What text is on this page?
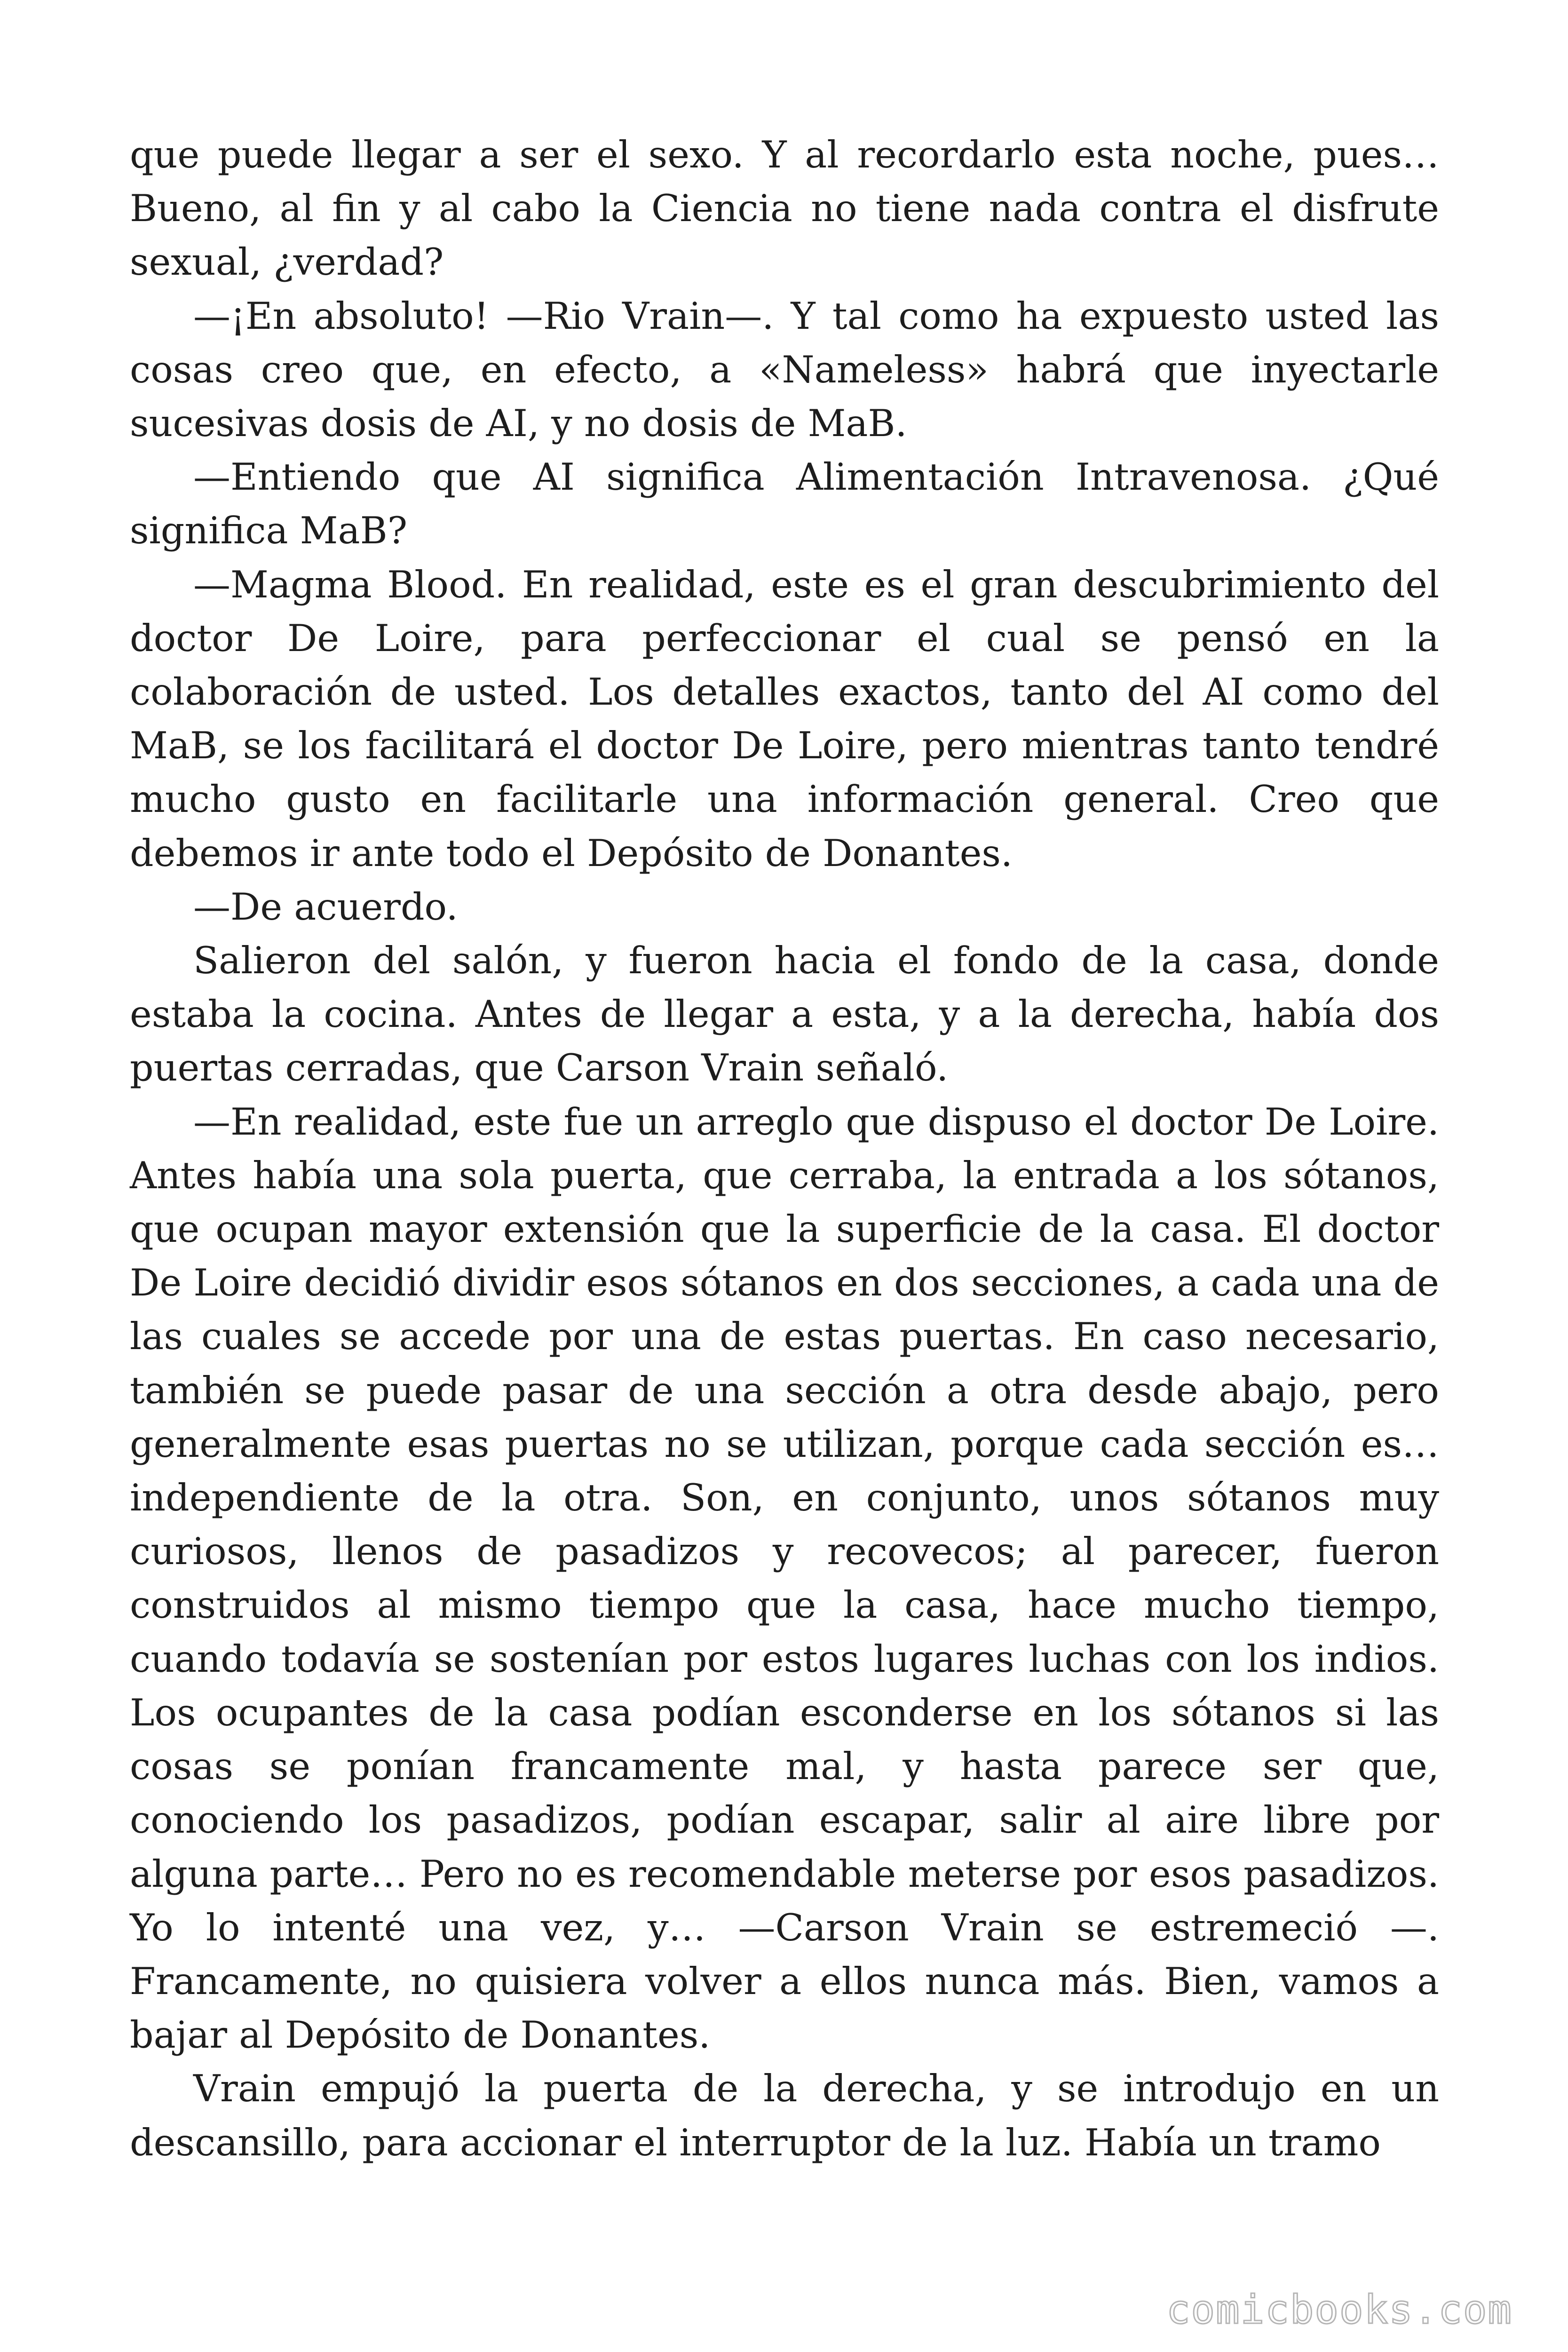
que puede llegar a ser el sexo. Y al recordarlo esta noche, pues… Bueno, al fin y al cabo la Ciencia no tiene nada contra el disfrute sexual, ¿verdad?

—¡En absoluto! —Rio Vrain—. Y tal como ha expuesto usted las cosas creo que, en efecto, a «Nameless» habrá que inyectarle sucesivas dosis de AI, y no dosis de MaB.

—Entiendo que AI significa Alimentación Intravenosa. ¿Qué significa MaB?

—Magma Blood. En realidad, este es el gran descubrimiento del doctor De Loire, para perfeccionar el cual se pensó en la colaboración de usted. Los detalles exactos, tanto del AI como del MaB, se los facilitará el doctor De Loire, pero mientras tanto tendré mucho gusto en facilitarle una información general. Creo que debemos ir ante todo el Depósito de Donantes.

—De acuerdo.

Salieron del salón, y fueron hacia el fondo de la casa, donde estaba la cocina. Antes de llegar a esta, y a la derecha, había dos puertas cerradas, que Carson Vrain señaló.

—En realidad, este fue un arreglo que dispuso el doctor De Loire. Antes había una sola puerta, que cerraba, la entrada a los sótanos, que ocupan mayor extensión que la superficie de la casa. El doctor De Loire decidió dividir esos sótanos en dos secciones, a cada una de las cuales se accede por una de estas puertas. En caso necesario, también se puede pasar de una sección a otra desde abajo, pero generalmente esas puertas no se utilizan, porque cada sección es… independiente de la otra. Son, en conjunto, unos sótanos muy curiosos, llenos de pasadizos y recovecos; al parecer, fueron construidos al mismo tiempo que la casa, hace mucho tiempo, cuando todavía se sostenían por estos lugares luchas con los indios. Los ocupantes de la casa podían esconderse en los sótanos si las cosas se ponían francamente mal, y hasta parece ser que, conociendo los pasadizos, podían escapar, salir al aire libre por alguna parte… Pero no es recomendable meterse por esos pasadizos. Yo lo intenté una vez, y… —Carson Vrain se estremeció —. Francamente, no quisiera volver a ellos nunca más. Bien, vamos a bajar al Depósito de Donantes.

Vrain empujó la puerta de la derecha, y se introdujo en un descansillo, para accionar el interruptor de la luz. Había un tramo

comicbooks.com
